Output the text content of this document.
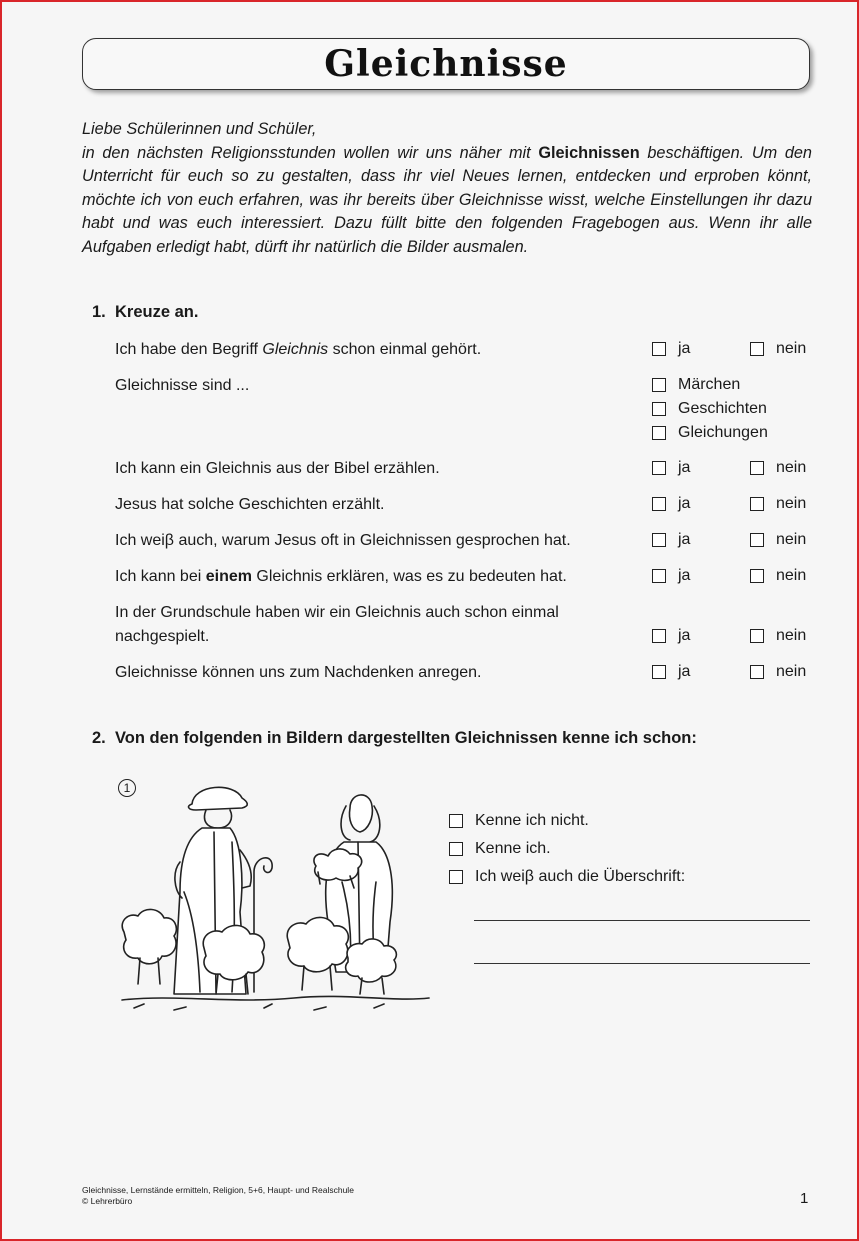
Gleichnisse

Liebe Schülerinnen und Schüler,

in den nächsten Religionsstunden wollen wir uns näher mit Gleichnissen beschäftigen. Um den Unterricht für euch so zu gestalten, dass ihr viel Neues lernen, entdecken und erproben könnt, möchte ich von euch erfahren, was ihr bereits über Gleichnisse wisst, welche Einstellungen ihr dazu habt und was euch interessiert. Dazu füllt bitte den folgenden Fragebogen aus. Wenn ihr alle Aufgaben erledigt habt, dürft ihr natürlich die Bilder ausmalen.

1. Kreuze an.
Ich habe den Begriff Gleichnis schon einmal gehört.	ja	nein
Gleichnisse sind ...	Märchen
Geschichten
Gleichungen
Ich kann ein Gleichnis aus der Bibel erzählen.	ja	nein
Jesus hat solche Geschichten erzählt.	ja	nein
Ich weiβ auch, warum Jesus oft in Gleichnissen gesprochen hat.	ja	nein
Ich kann bei einem Gleichnis erklären, was es zu bedeuten hat.	ja	nein
In der Grundschule haben wir ein Gleichnis auch schon einmal
nachgespielt.	ja	nein
Gleichnisse können uns zum Nachdenken anregen.	ja	nein
2. Von den folgenden in Bildern dargestellten Gleichnissen kenne ich schon:
1
Kenne ich nicht.
Kenne ich.
Ich weiβ auch die Überschrift:
Gleichnisse, Lernstände ermitteln, Religion, 5+6, Haupt- und Realschule
© Lehrerbüro	1
